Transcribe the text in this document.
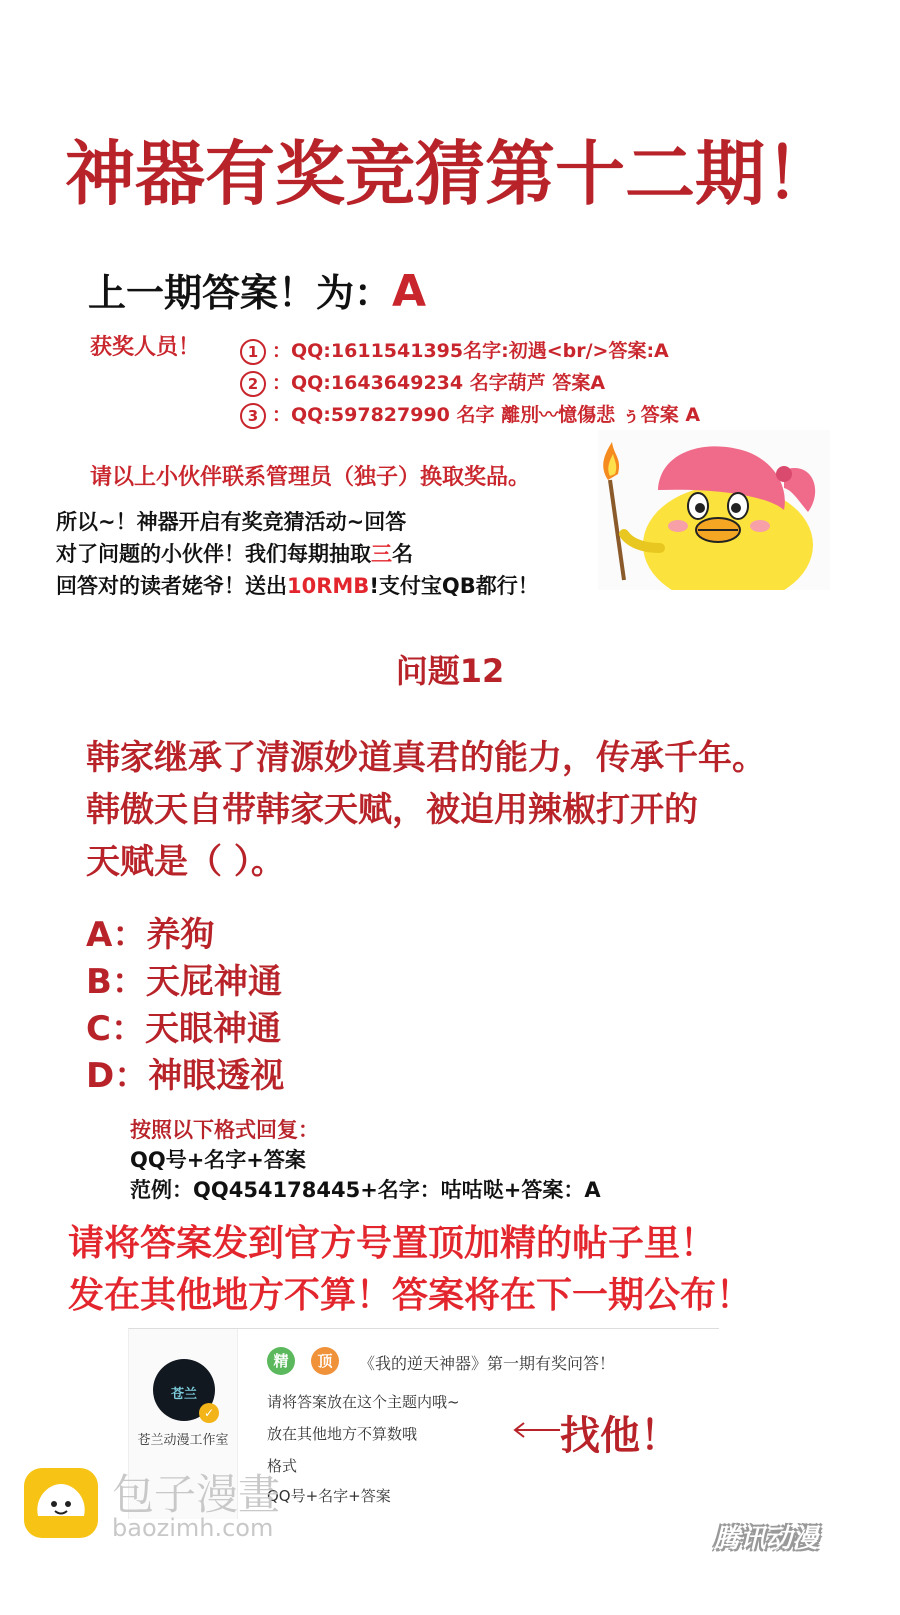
神器有奖竞猜第十二期！
上一期答案！为：A
获奖人员！	1 ：QQ:1611541395名字:初遇<br/>答案:A
2 ：QQ:1643649234 名字葫芦 答案A
3 ：QQ:597827990 名字 離別〰憶傷悲 ぅ答案 A
请以上小伙伴联系管理员（独子）换取奖品。
所以~！神器开启有奖竞猜活动~回答
对了问题的小伙伴！我们每期抽取三名
回答对的读者姥爷！送出10RMB!支付宝QB都行！
问题12
韩家继承了清源妙道真君的能力，传承千年。
韩傲天自带韩家天赋，被迫用辣椒打开的
天赋是（ ）。
A：养狗
B：天屁神通
C：天眼神通
D：神眼透视
按照以下格式回复：
QQ号+名字+答案
范例：QQ454178445+名字：咕咕哒+答案：A
请将答案发到官方号置顶加精的帖子里！
发在其他地方不算！答案将在下一期公布！
苍兰
✓
苍兰动漫工作室
精	顶	《我的逆天神器》第一期有奖问答！
请将答案放在这个主题内哦~
放在其他地方不算数哦
格式
QQ号+名字+答案
找他！
包子漫畫
baozimh.com	腾讯动漫
